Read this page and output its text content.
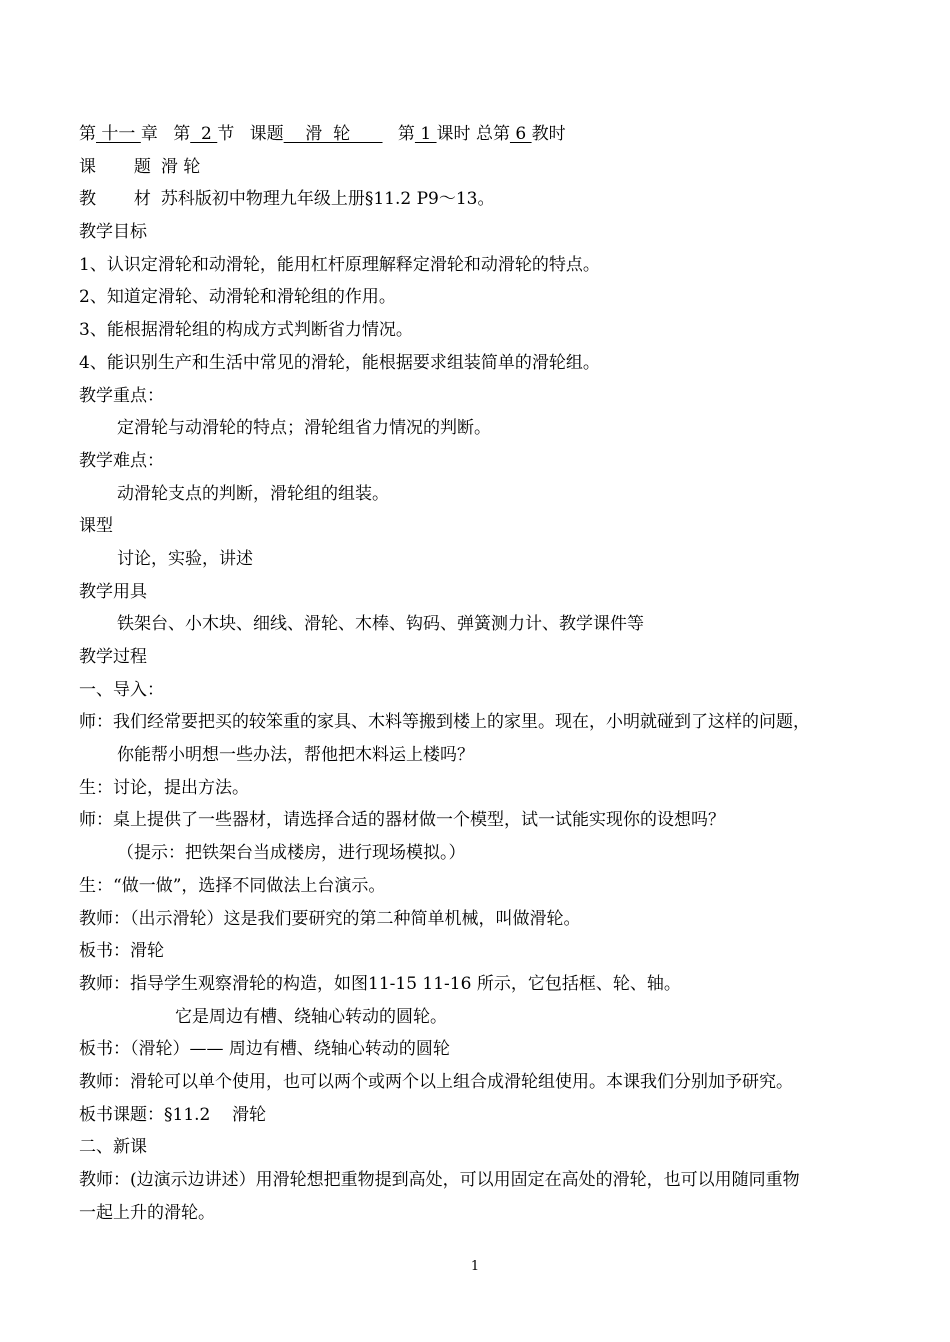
第 十一 章 第  2 节 课题    滑  轮       第 1 课时 总第 6 教时
课       题 滑 轮
教       材 苏科版初中物理九年级上册§11.2 P9～13。
教学目标
1、认识定滑轮和动滑轮，能用杠杆原理解释定滑轮和动滑轮的特点。
2、知道定滑轮、动滑轮和滑轮组的作用。
3、能根据滑轮组的构成方式判断省力情况。
4、能识别生产和生活中常见的滑轮，能根据要求组装简单的滑轮组。
教学重点：
定滑轮与动滑轮的特点；滑轮组省力情况的判断。
教学难点：
动滑轮支点的判断，滑轮组的组装。
课型
讨论，实验，讲述
教学用具
铁架台、小木块、细线、滑轮、木棒、钩码、弹簧测力计、教学课件等
教学过程
一、导入：
师：我们经常要把买的较笨重的家具、木料等搬到楼上的家里。现在，小明就碰到了这样的问题，
你能帮小明想一些办法，帮他把木料运上楼吗？
生：讨论，提出方法。
师：桌上提供了一些器材，请选择合适的器材做一个模型，试一试能实现你的设想吗？
（提示：把铁架台当成楼房，进行现场模拟。）
生：“做一做”，选择不同做法上台演示。
教师：（出示滑轮）这是我们要研究的第二种简单机械，叫做滑轮。
板书：滑轮
教师：指导学生观察滑轮的构造，如图11-15 11-16 所示，它包括框、轮、轴。
它是周边有槽、绕轴心转动的圆轮。
板书：（滑轮）—— 周边有槽、绕轴心转动的圆轮
教师：滑轮可以单个使用，也可以两个或两个以上组合成滑轮组使用。本课我们分别加予研究。
板书课题：§11.2    滑轮
二、新课
教师：(边演示边讲述）用滑轮想把重物提到高处，可以用固定在高处的滑轮，也可以用随同重物
一起上升的滑轮。
1
